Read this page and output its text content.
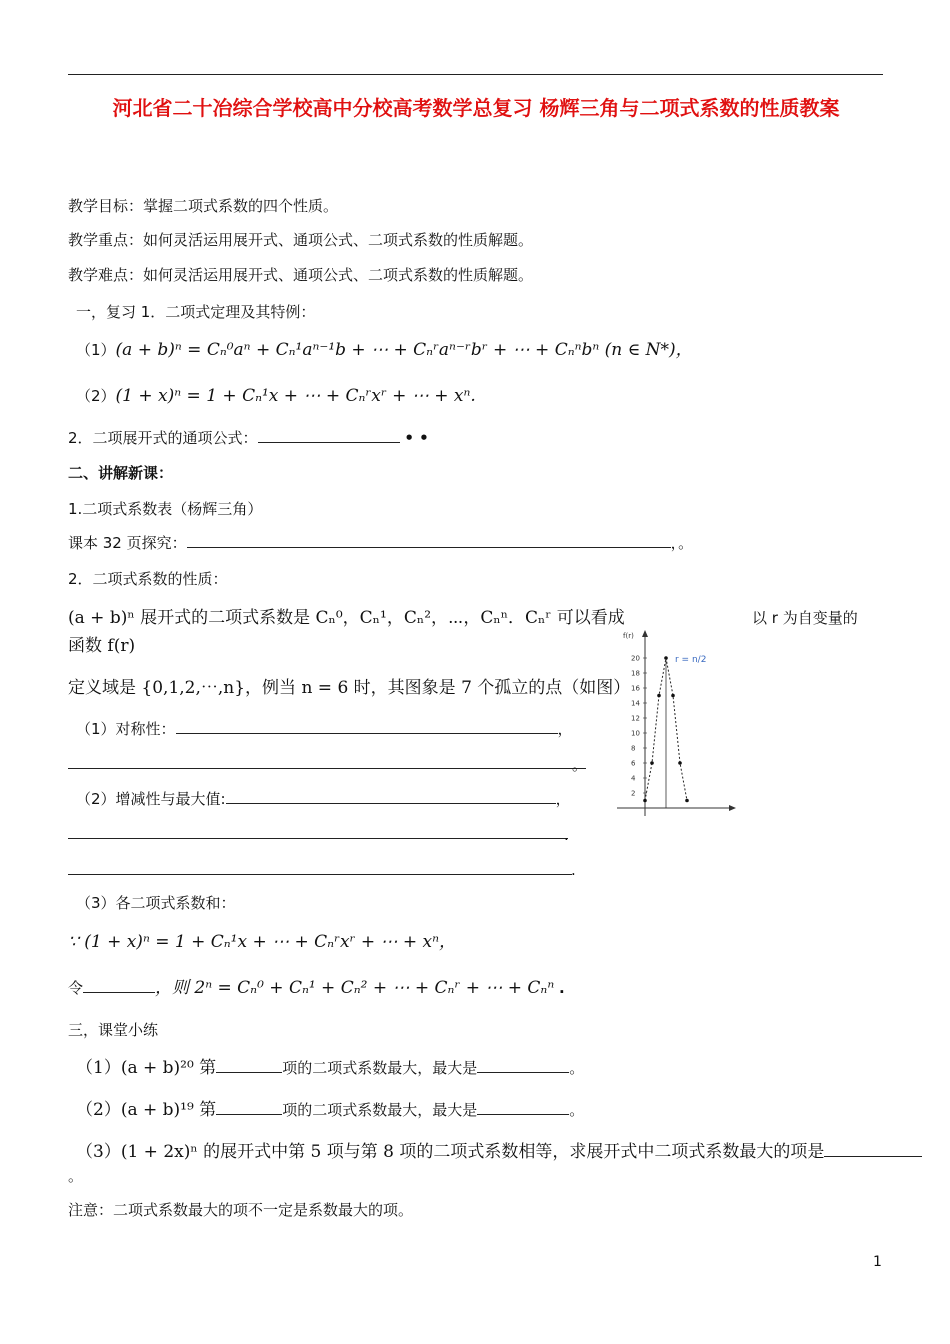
河北省二十冶综合学校高中分校高考数学总复习 杨辉三角与二项式系数的性质教案
教学目标：掌握二项式系数的四个性质。
教学重点：如何灵活运用展开式、通项公式、二项式系数的性质解题。
教学难点：如何灵活运用展开式、通项公式、二项式系数的性质解题。
一，复习 1．二项式定理及其特例：
（1）(a + b)ⁿ = Cₙ⁰aⁿ + Cₙ¹aⁿ⁻¹b + ⋯ + Cₙʳaⁿ⁻ʳbʳ + ⋯ + Cₙⁿbⁿ (n ∈ N*)，
（2）(1 + x)ⁿ = 1 + Cₙ¹x + ⋯ + Cₙʳxʳ + ⋯ + xⁿ.
2．二项展开式的通项公式：	• •
二、讲解新课：
1.二项式系数表（杨辉三角）
课本 32 页探究：	，。
2．二项式系数的性质：
(a + b)ⁿ 展开式的二项式系数是 Cₙ⁰，Cₙ¹，Cₙ²，⋯，Cₙⁿ．Cₙʳ 可以看成	以 r 为自变量的
函数 f(r)
定义域是 {0,1,2,⋯,n}，例当 n = 6 时，其图象是 7 个孤立的点（如图）
（1）对称性：	，
。
（2）增减性与最大值:	，
.
.
（3）各二项式系数和：
∵ (1 + x)ⁿ = 1 + Cₙ¹x + ⋯ + Cₙʳxʳ + ⋯ + xⁿ，
令	，则 2ⁿ = Cₙ⁰ + Cₙ¹ + Cₙ² + ⋯ + Cₙʳ + ⋯ + Cₙⁿ .
三，课堂小练
（1）(a + b)²⁰ 第	项的二项式系数最大，最大是	。
（2）(a + b)¹⁹ 第	项的二项式系数最大，最大是	。
（3）(1 + 2x)ⁿ 的展开式中第 5 项与第 8 项的二项式系数相等，求展开式中二项式系数最大的项是
。
注意：二项式系数最大的项不一定是系数最大的项。
f(r)
r = n/2
20
18
16
14
12
10
8
6
4
2
1
